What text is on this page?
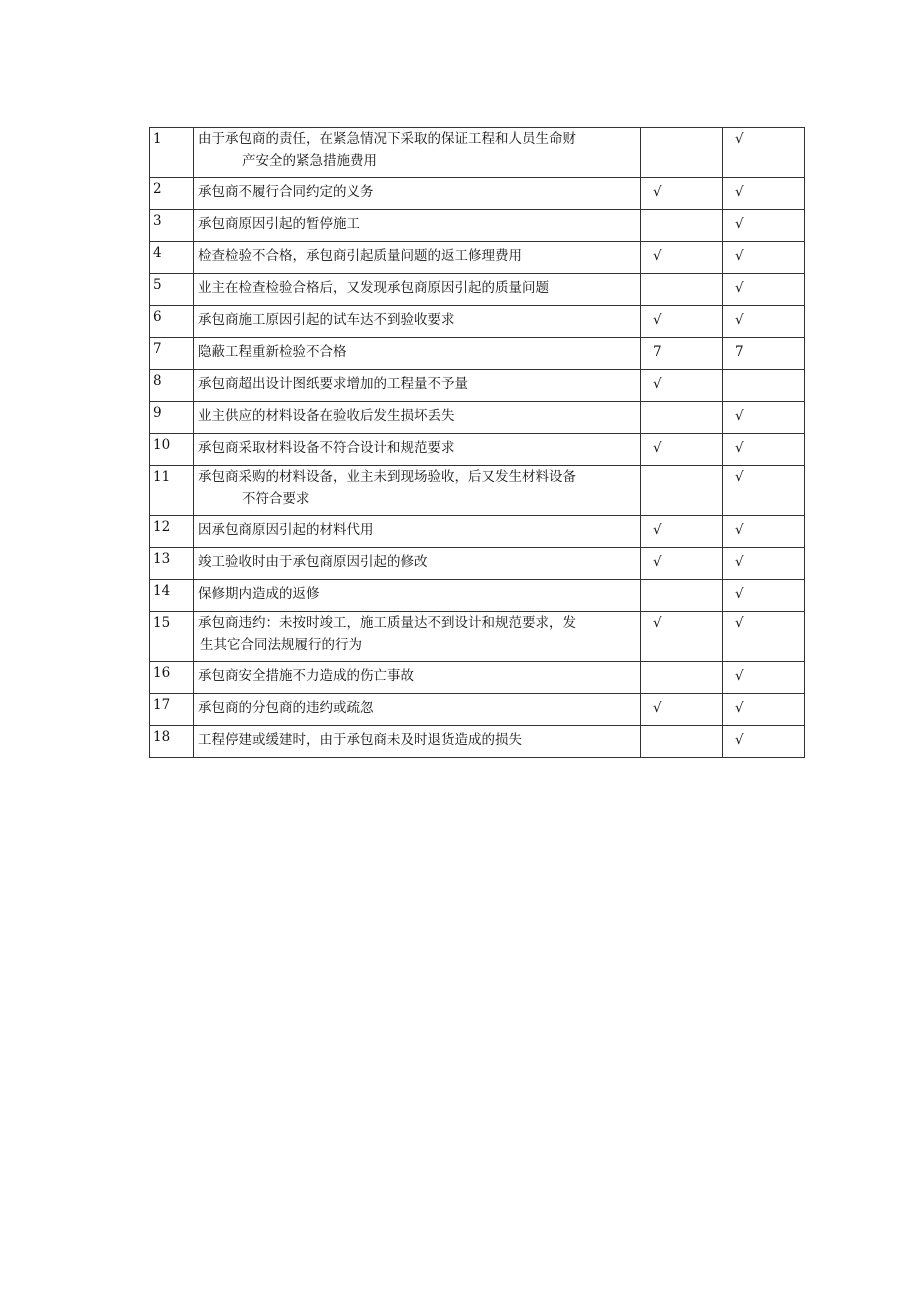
1	由于承包商的责任，在紧急情况下采取的保证工程和人员生命财
产安全的紧急措施费用		√
2	承包商不履行合同约定的义务	√	√
3	承包商原因引起的暂停施工		√
4	检查检验不合格，承包商引起质量问题的返工修理费用	√	√
5	业主在检查检验合格后，又发现承包商原因引起的质量问题		√
6	承包商施工原因引起的试车达不到验收要求	√	√
7	隐蔽工程重新检验不合格	7	7
8	承包商超出设计图纸要求增加的工程量不予量	√	
9	业主供应的材料设备在验收后发生损坏丢失		√
10	承包商采取材料设备不符合设计和规范要求	√	√
11	承包商采购的材料设备，业主未到现场验收，后又发生材料设备
不符合要求		√
12	因承包商原因引起的材料代用	√	√
13	竣工验收时由于承包商原因引起的修改	√	√
14	保修期内造成的返修		√
15	承包商违约：未按时竣工，施工质量达不到设计和规范要求，发
生其它合同法规履行的行为	√	√
16	承包商安全措施不力造成的伤亡事故		√
17	承包商的分包商的违约或疏忽	√	√
18	工程停建或缓建时，由于承包商未及时退货造成的损失		√
